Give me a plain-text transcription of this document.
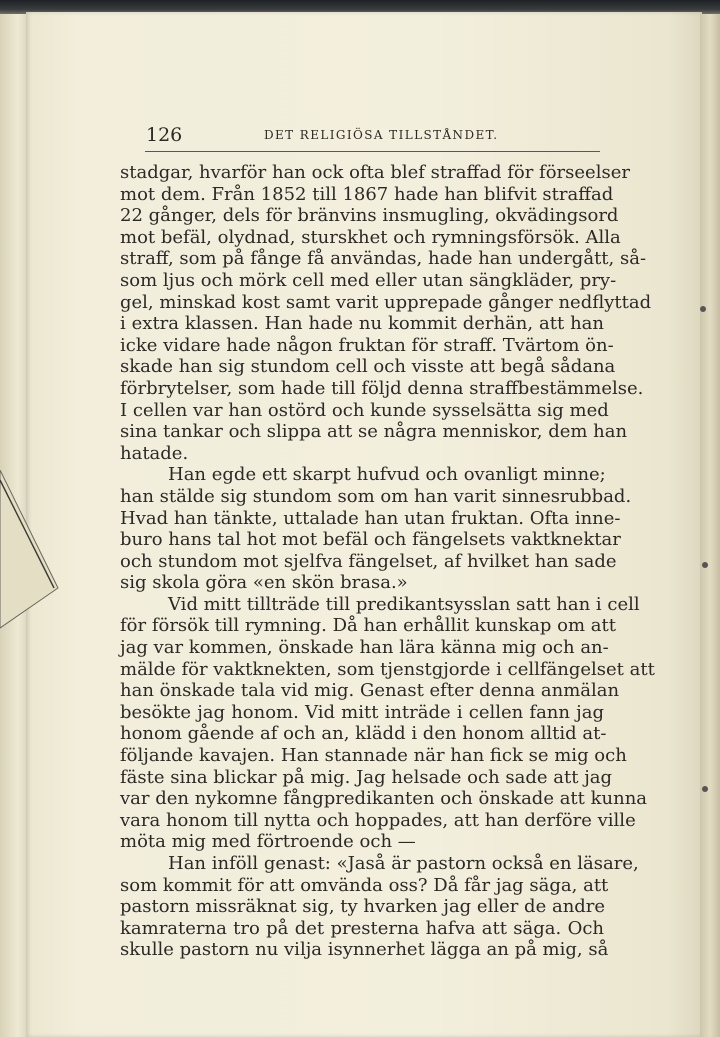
126	DET RELIGIÖSA TILLSTÅNDET.
stadgar, hvarför han ock ofta blef straffad för förseelser
mot dem. Från 1852 till 1867 hade han blifvit straffad
22 gånger, dels för bränvins insmugling, okvädingsord
mot befäl, olydnad, sturskhet och rymningsförsök. Alla
straff, som på fånge få användas, hade han undergått, så-
som ljus och mörk cell med eller utan sängkläder, pry-
gel, minskad kost samt varit upprepade gånger nedflyttad
i extra klassen. Han hade nu kommit derhän, att han
icke vidare hade någon fruktan för straff. Tvärtom ön-
skade han sig stundom cell och visste att begå sådana
förbrytelser, som hade till följd denna straffbestämmelse.
I cellen var han ostörd och kunde sysselsätta sig med
sina tankar och slippa att se några menniskor, dem han
hatade.
Han egde ett skarpt hufvud och ovanligt minne;
han stälde sig stundom som om han varit sinnesrubbad.
Hvad han tänkte, uttalade han utan fruktan. Ofta inne-
buro hans tal hot mot befäl och fängelsets vaktknektar
och stundom mot sjelfva fängelset, af hvilket han sade
sig skola göra «en skön brasa.»
Vid mitt tillträde till predikantsysslan satt han i cell
för försök till rymning. Då han erhållit kunskap om att
jag var kommen, önskade han lära känna mig och an-
mälde för vaktknekten, som tjenstgjorde i cellfängelset att
han önskade tala vid mig. Genast efter denna anmälan
besökte jag honom. Vid mitt inträde i cellen fann jag
honom gående af och an, klädd i den honom alltid at-
följande kavajen. Han stannade när han fick se mig och
fäste sina blickar på mig. Jag helsade och sade att jag
var den nykomne fångpredikanten och önskade att kunna
vara honom till nytta och hoppades, att han derföre ville
möta mig med förtroende och —
Han inföll genast: «Jaså är pastorn också en läsare,
som kommit för att omvända oss? Då får jag säga, att
pastorn missräknat sig, ty hvarken jag eller de andre
kamraterna tro på det presterna hafva att säga. Och
skulle pastorn nu vilja isynnerhet lägga an på mig, så
